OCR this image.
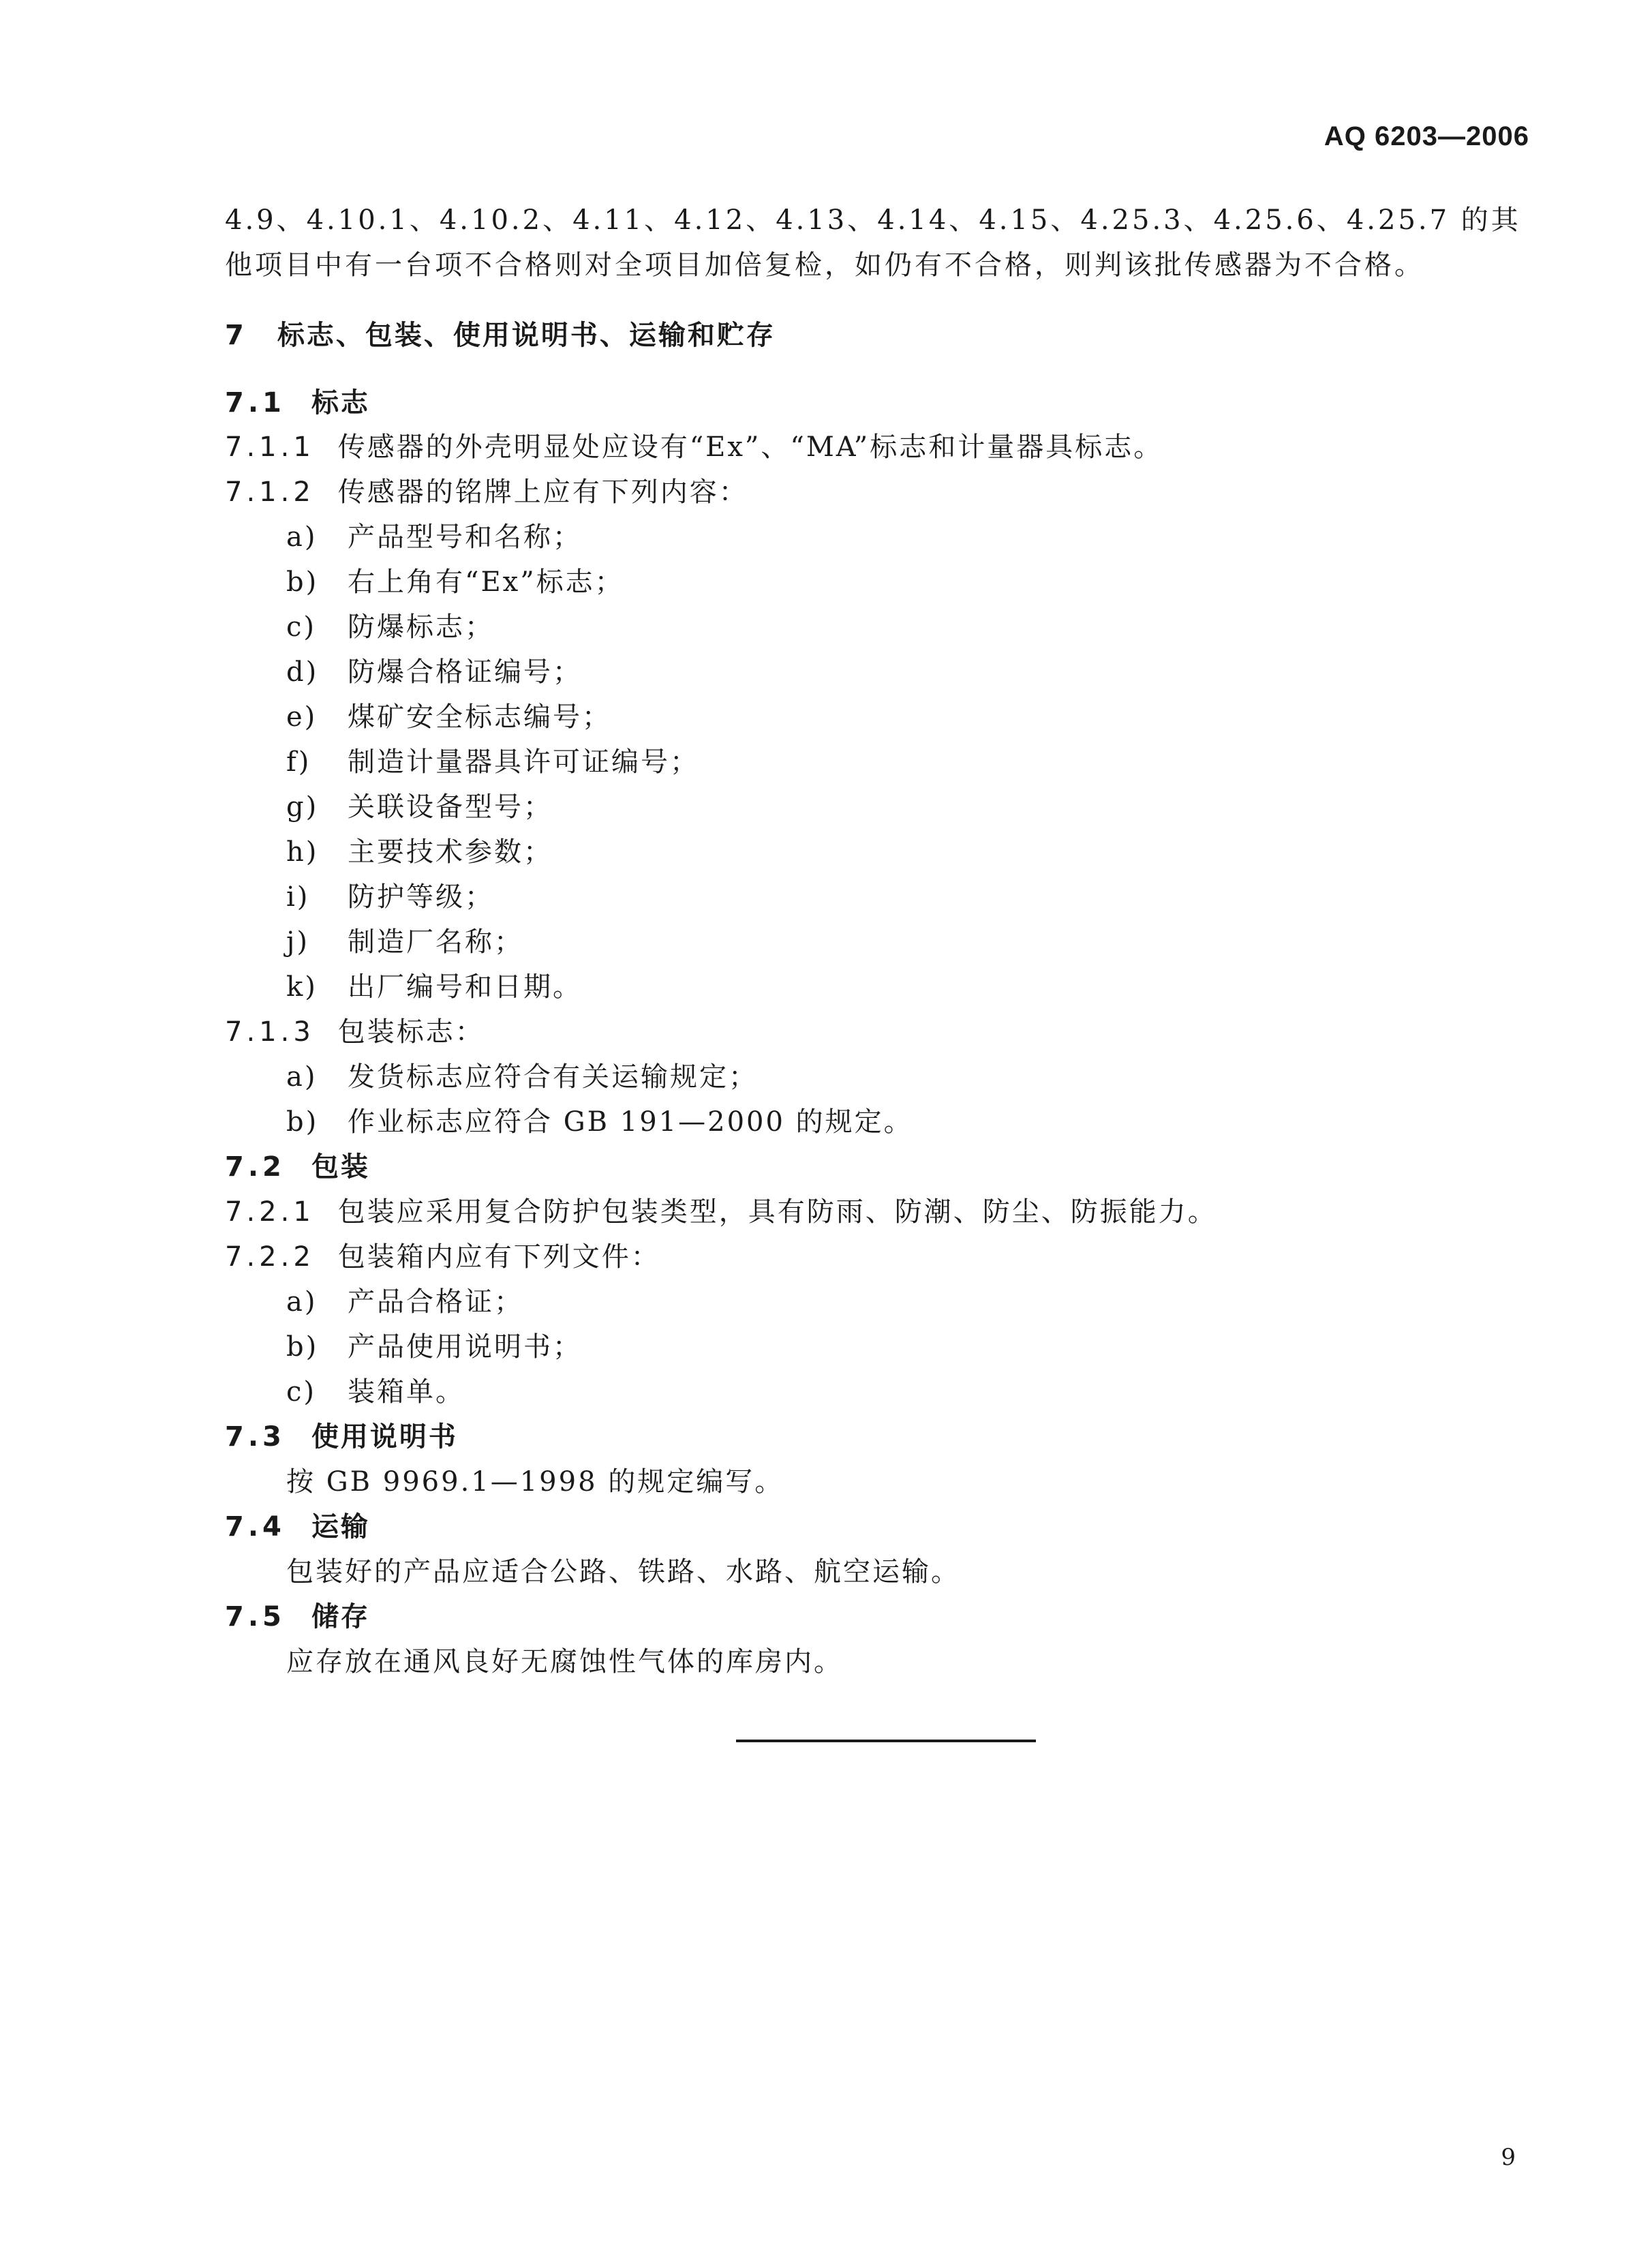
AQ 6203—2006
4.9、4.10.1、4.10.2、4.11、4.12、4.13、4.14、4.15、4.25.3、4.25.6、4.25.7 的其他项目中有一台项不合格则对全项目加倍复检，如仍有不合格，则判该批传感器为不合格。
7 标志、包装、使用说明书、运输和贮存
7.1 标志
7.1.1 传感器的外壳明显处应设有“Ex”、“MA”标志和计量器具标志。
7.1.2 传感器的铭牌上应有下列内容：
a) 产品型号和名称；
b) 右上角有“Ex”标志；
c) 防爆标志；
d) 防爆合格证编号；
e) 煤矿安全标志编号；
f) 制造计量器具许可证编号；
g) 关联设备型号；
h) 主要技术参数；
i) 防护等级；
j) 制造厂名称；
k) 出厂编号和日期。
7.1.3 包装标志：
a) 发货标志应符合有关运输规定；
b) 作业标志应符合 GB 191—2000 的规定。
7.2 包装
7.2.1 包装应采用复合防护包装类型，具有防雨、防潮、防尘、防振能力。
7.2.2 包装箱内应有下列文件：
a) 产品合格证；
b) 产品使用说明书；
c) 装箱单。
7.3 使用说明书
按 GB 9969.1—1998 的规定编写。
7.4 运输
包装好的产品应适合公路、铁路、水路、航空运输。
7.5 储存
应存放在通风良好无腐蚀性气体的库房内。
9
